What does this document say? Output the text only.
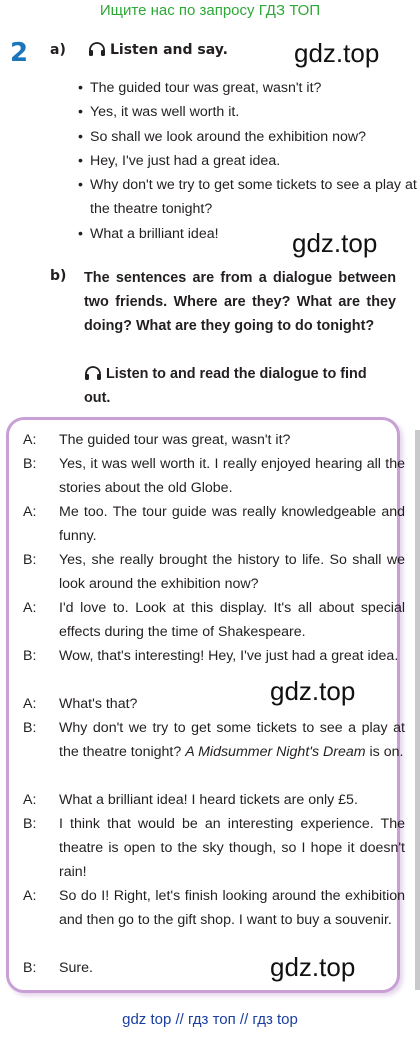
Ищите нас по запросу ГДЗ ТОП
2 a)	Listen and say.	gdz.top
• The guided tour was great, wasn't it?
• Yes, it was well worth it.
• So shall we look around the exhibition now?
• Hey, I've just had a great idea.
• Why don't we try to get some tickets to see a play at the theatre tonight?
• What a brilliant idea!	gdz.top
b) The sentences are from a dialogue between two friends. Where are they? What are they doing? What are they going to do tonight?
Listen to and read the dialogue to find out.
A:	The guided tour was great, wasn't it?
B:	Yes, it was well worth it. I really enjoyed hearing all the stories about the old Globe.
A:	Me too. The tour guide was really knowledgeable and funny.
B:	Yes, she really brought the history to life. So shall we look around the exhibition now?
A:	I'd love to. Look at this display. It's all about special effects during the time of Shakespeare.
B:	Wow, that's interesting! Hey, I've just had a great idea.
A:	What's that?
B:	Why don't we try to get some tickets to see a play at the theatre tonight? A Midsummer Night's Dream is on.
A:	What a brilliant idea! I heard tickets are only £5.
B:	I think that would be an interesting experience. The theatre is open to the sky though, so I hope it doesn't rain!
A:	So do I! Right, let's finish looking around the exhibition and then go to the gift shop. I want to buy a souvenir.
B:	Sure.
gdz.top
gdz.top
gdz top // гдз топ // гдз top
